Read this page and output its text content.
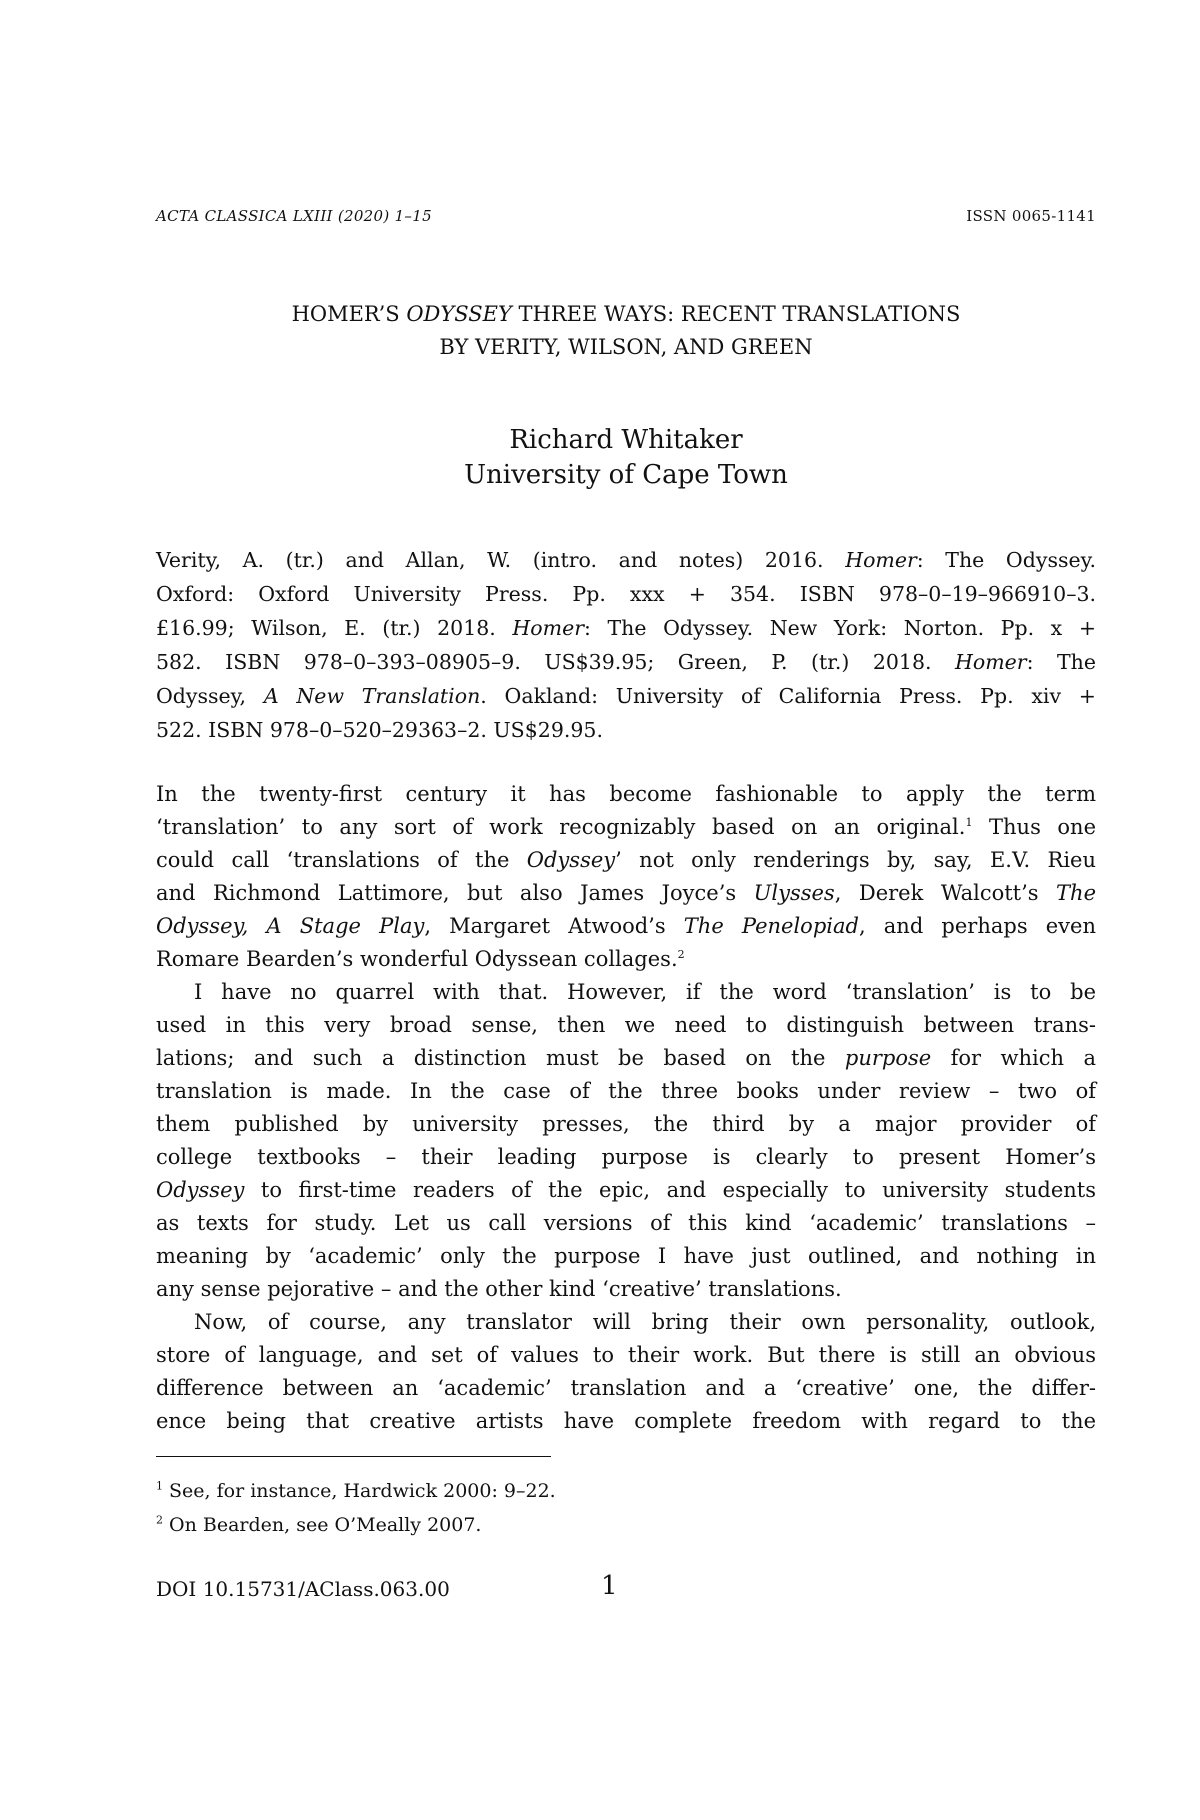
ACTA CLASSICA LXIII (2020) 1–15	ISSN 0065-1141
HOMER’S ODYSSEY THREE WAYS: RECENT TRANSLATIONS
BY VERITY, WILSON, AND GREEN
Richard Whitaker
University of Cape Town
Verity, A. (tr.) and Allan, W. (intro. and notes) 2016. Homer: The Odyssey.
Oxford: Oxford University Press. Pp. xxx + 354. ISBN 978–0–19–966910–3.
£16.99; Wilson, E. (tr.) 2018. Homer: The Odyssey. New York: Norton. Pp. x +
582. ISBN 978–0–393–08905–9. US$39.95; Green, P. (tr.) 2018. Homer: The
Odyssey, A New Translation. Oakland: University of California Press. Pp. xiv +
522. ISBN 978–0–520–29363–2. US$29.95.
In the twenty-first century it has become fashionable to apply the term
‘translation’ to any sort of work recognizably based on an original.$^1$ Thus one
could call ‘translations of the Odyssey’ not only renderings by, say, E.V. Rieu
and Richmond Lattimore, but also James Joyce’s Ulysses, Derek Walcott’s The
Odyssey, A Stage Play, Margaret Atwood’s The Penelopiad, and perhaps even
Romare Bearden’s wonderful Odyssean collages.$^2$
I have no quarrel with that. However, if the word ‘translation’ is to be
used in this very broad sense, then we need to distinguish between trans-
lations; and such a distinction must be based on the purpose for which a
translation is made. In the case of the three books under review – two of
them published by university presses, the third by a major provider of
college textbooks – their leading purpose is clearly to present Homer’s
Odyssey to first-time readers of the epic, and especially to university students
as texts for study. Let us call versions of this kind ‘academic’ translations –
meaning by ‘academic’ only the purpose I have just outlined, and nothing in
any sense pejorative – and the other kind ‘creative’ translations.
Now, of course, any translator will bring their own personality, outlook,
store of language, and set of values to their work. But there is still an obvious
difference between an ‘academic’ translation and a ‘creative’ one, the differ-
ence being that creative artists have complete freedom with regard to the
$^1$ See, for instance, Hardwick 2000: 9–22.
$^2$ On Bearden, see O’Meally 2007.
DOI 10.15731/AClass.063.00	1
